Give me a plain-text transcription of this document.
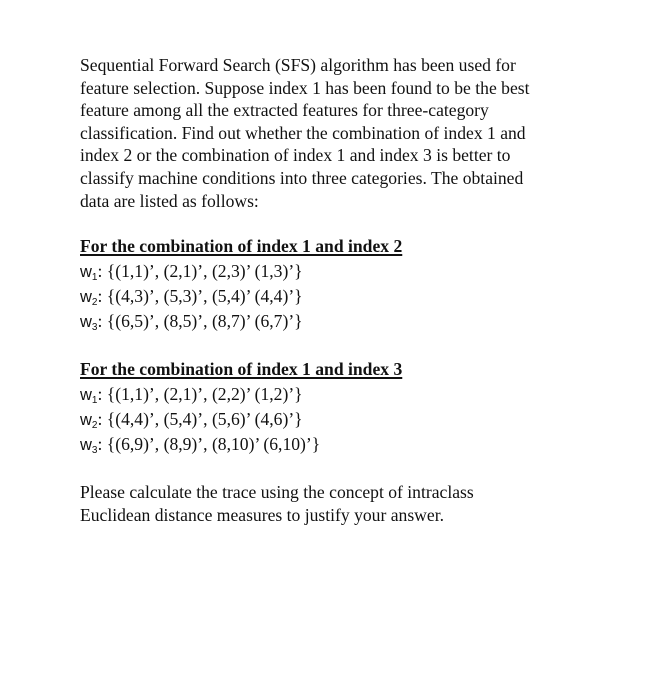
Sequential Forward Search (SFS) algorithm has been used for
feature selection. Suppose index 1 has been found to be the best
feature among all the extracted features for three-category
classification. Find out whether the combination of index 1 and
index 2 or the combination of index 1 and index 3 is better to
classify machine conditions into three categories. The obtained
data are listed as follows:

For the combination of index 1 and index 2
$w_1$ : {(1,1)’, (2,1)’, (2,3)’ (1,3)’}
$w_2$ : {(4,3)’, (5,3)’, (5,4)’ (4,4)’}
$w_3$ : {(6,5)’, (8,5)’, (8,7)’ (6,7)’}
For the combination of index 1 and index 3
$w_1$ : {(1,1)’, (2,1)’, (2,2)’ (1,2)’}
$w_2$ : {(4,4)’, (5,4)’, (5,6)’ (4,6)’}
$w_3$ : {(6,9)’, (8,9)’, (8,10)’ (6,10)’}

Please calculate the trace using the concept of intraclass
Euclidean distance measures to justify your answer.
